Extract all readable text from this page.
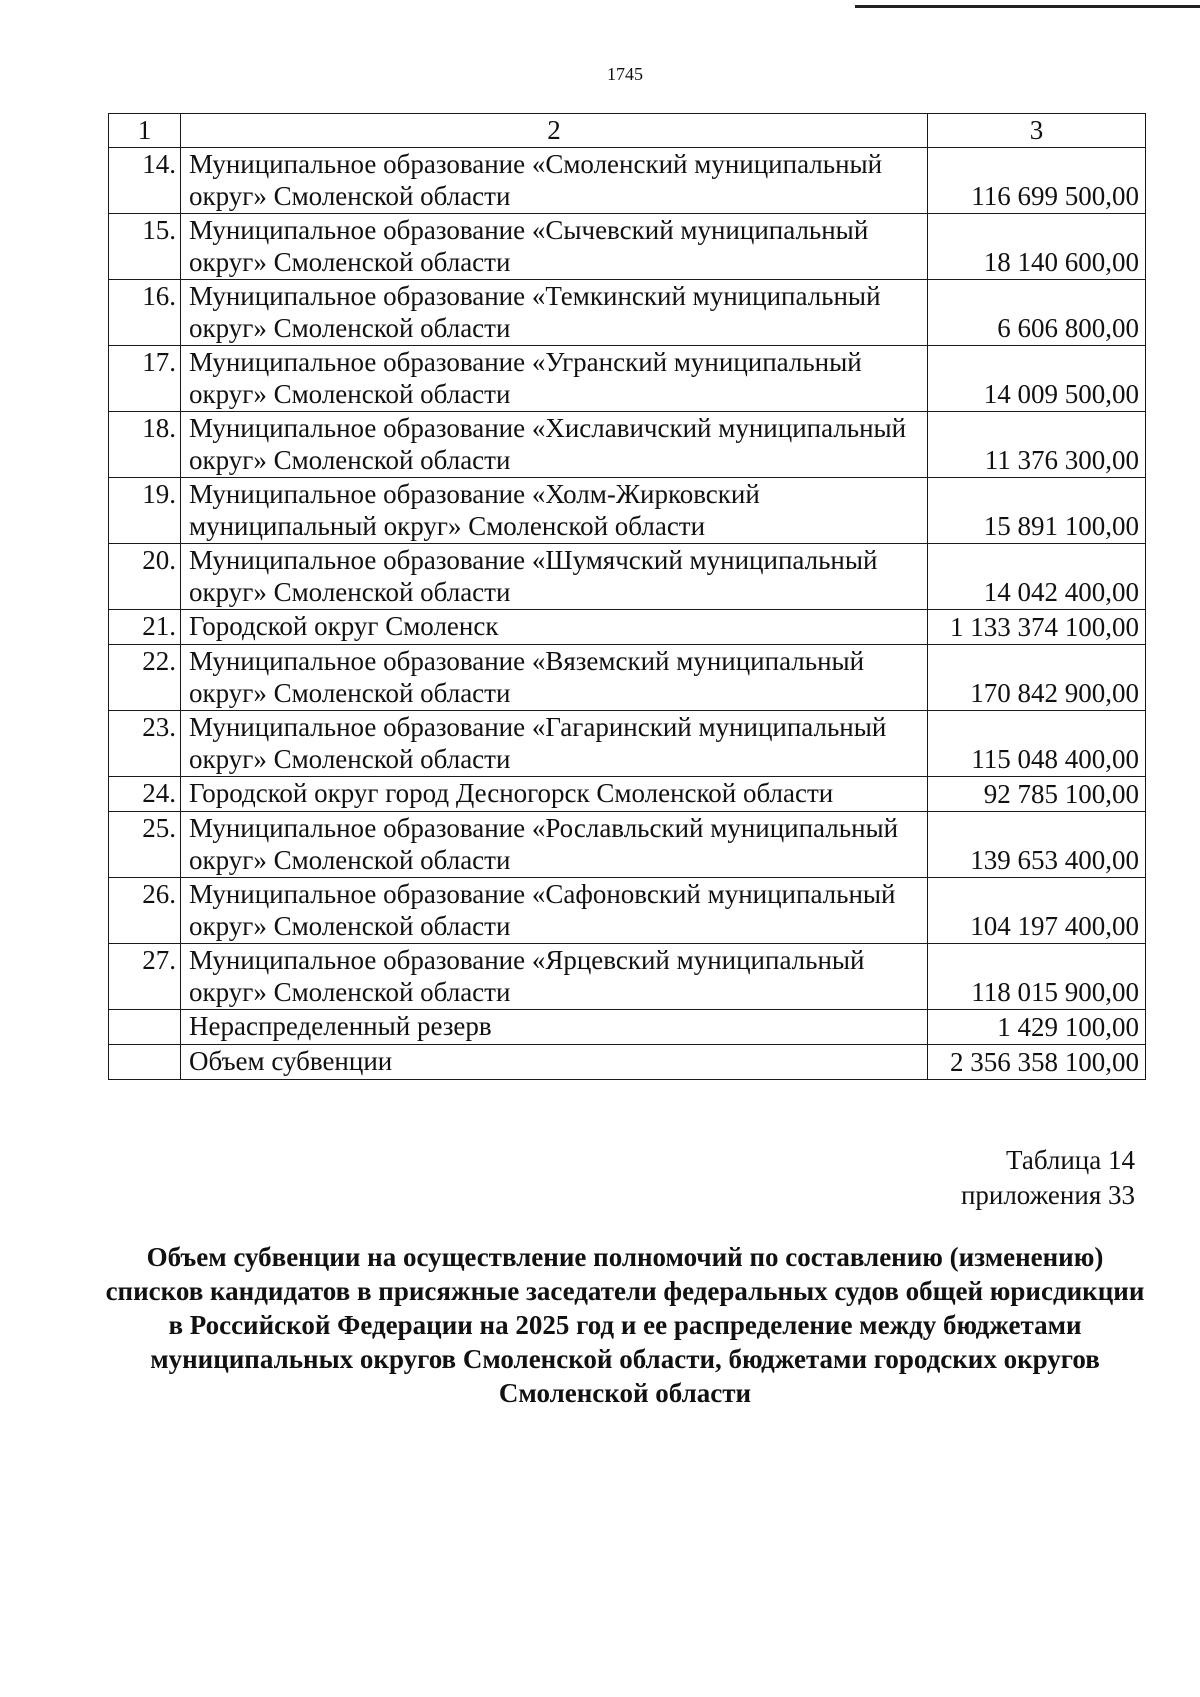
1745
1	2	3
14.	Муниципальное образование «Смоленский муниципальный округ» Смоленской области	116 699 500,00
15.	Муниципальное образование «Сычевский муниципальный округ» Смоленской области	18 140 600,00
16.	Муниципальное образование «Темкинский муниципальный округ» Смоленской области	6 606 800,00
17.	Муниципальное образование «Угранский муниципальный округ» Смоленской области	14 009 500,00
18.	Муниципальное образование «Хиславичский муниципальный округ» Смоленской области	11 376 300,00
19.	Муниципальное образование «Холм-Жирковский муниципальный округ» Смоленской области	15 891 100,00
20.	Муниципальное образование «Шумячский муниципальный округ» Смоленской области	14 042 400,00
21.	Городской округ Смоленск	1 133 374 100,00
22.	Муниципальное образование «Вяземский муниципальный округ» Смоленской области	170 842 900,00
23.	Муниципальное образование «Гагаринский муниципальный округ» Смоленской области	115 048 400,00
24.	Городской округ город Десногорск Смоленской области	92 785 100,00
25.	Муниципальное образование «Рославльский муниципальный округ» Смоленской области	139 653 400,00
26.	Муниципальное образование «Сафоновский муниципальный округ» Смоленской области	104 197 400,00
27.	Муниципальное образование «Ярцевский муниципальный округ» Смоленской области	118 015 900,00
	Нераспределенный резерв	1 429 100,00
	Объем субвенции	2 356 358 100,00
Таблица 14
приложения 33
Объем субвенции на осуществление полномочий по составлению (изменению) списков кандидатов в присяжные заседатели федеральных судов общей юрисдикции в Российской Федерации на 2025 год и ее распределение между бюджетами муниципальных округов Смоленской области, бюджетами городских округов Смоленской области
